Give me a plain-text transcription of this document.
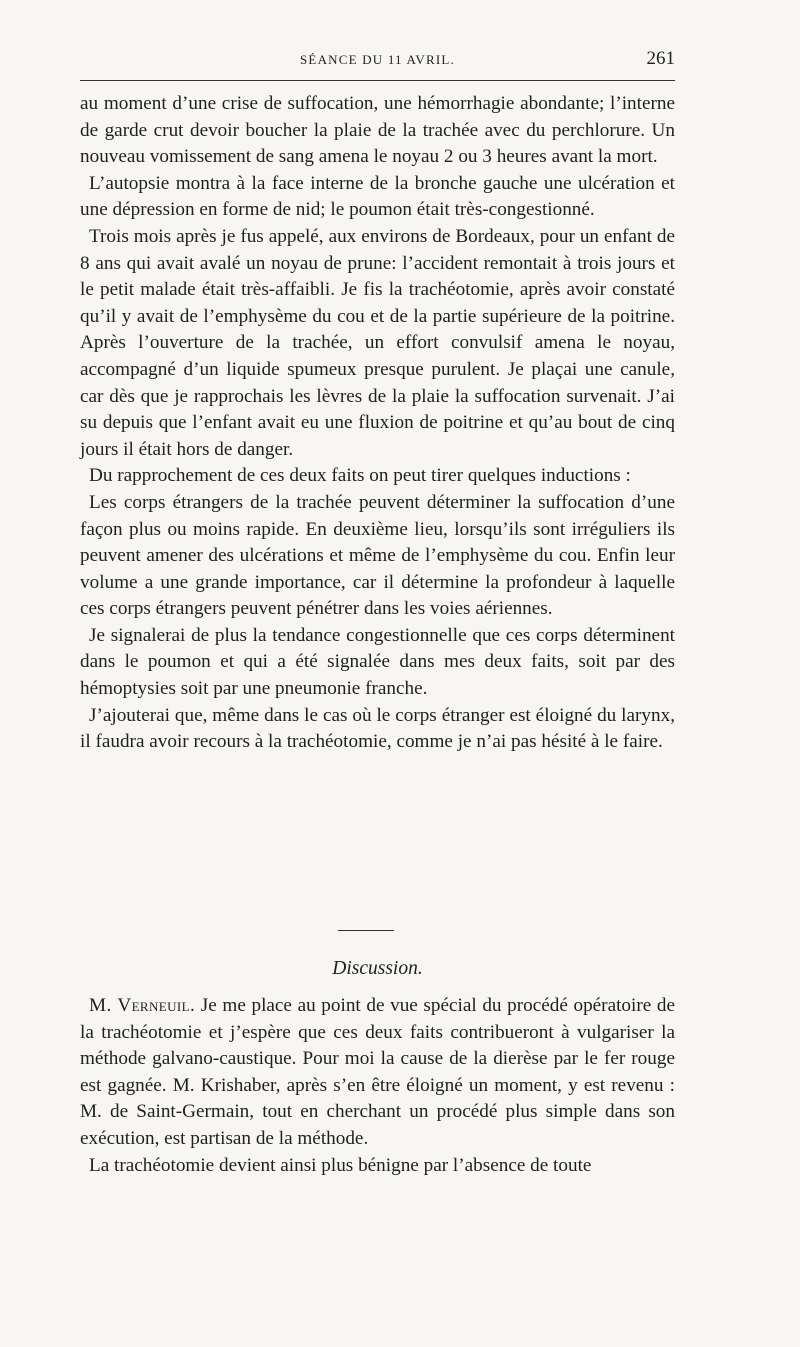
SÉANCE DU 11 AVRIL.	261

au moment d’une crise de suffocation, une hémorrhagie abondante; l’interne de garde crut devoir boucher la plaie de la trachée avec du perchlorure. Un nouveau vomissement de sang amena le noyau 2 ou 3 heures avant la mort.

L’autopsie montra à la face interne de la bronche gauche une ulcération et une dépression en forme de nid; le poumon était très-congestionné.

Trois mois après je fus appelé, aux environs de Bordeaux, pour un enfant de 8 ans qui avait avalé un noyau de prune: l’accident remontait à trois jours et le petit malade était très-affaibli. Je fis la trachéotomie, après avoir constaté qu’il y avait de l’emphysème du cou et de la partie supérieure de la poitrine. Après l’ouverture de la trachée, un effort convulsif amena le noyau, accompagné d’un liquide spumeux presque purulent. Je plaçai une canule, car dès que je rapprochais les lèvres de la plaie la suffocation survenait. J’ai su depuis que l’enfant avait eu une fluxion de poitrine et qu’au bout de cinq jours il était hors de danger.

Du rapprochement de ces deux faits on peut tirer quelques inductions :

Les corps étrangers de la trachée peuvent déterminer la suffocation d’une façon plus ou moins rapide. En deuxième lieu, lorsqu’ils sont irréguliers ils peuvent amener des ulcérations et même de l’emphysème du cou. Enfin leur volume a une grande importance, car il détermine la profondeur à laquelle ces corps étrangers peuvent pénétrer dans les voies aériennes.

Je signalerai de plus la tendance congestionnelle que ces corps déterminent dans le poumon et qui a été signalée dans mes deux faits, soit par des hémoptysies soit par une pneumonie franche.

J’ajouterai que, même dans le cas où le corps étranger est éloigné du larynx, il faudra avoir recours à la trachéotomie, comme je n’ai pas hésité à le faire.

Discussion.

M. Verneuil. Je me place au point de vue spécial du procédé opératoire de la trachéotomie et j’espère que ces deux faits contribueront à vulgariser la méthode galvano-caustique. Pour moi la cause de la dierèse par le fer rouge est gagnée. M. Krishaber, après s’en être éloigné un moment, y est revenu : M. de Saint-Germain, tout en cherchant un procédé plus simple dans son exécution, est partisan de la méthode.

La trachéotomie devient ainsi plus bénigne par l’absence de toute
